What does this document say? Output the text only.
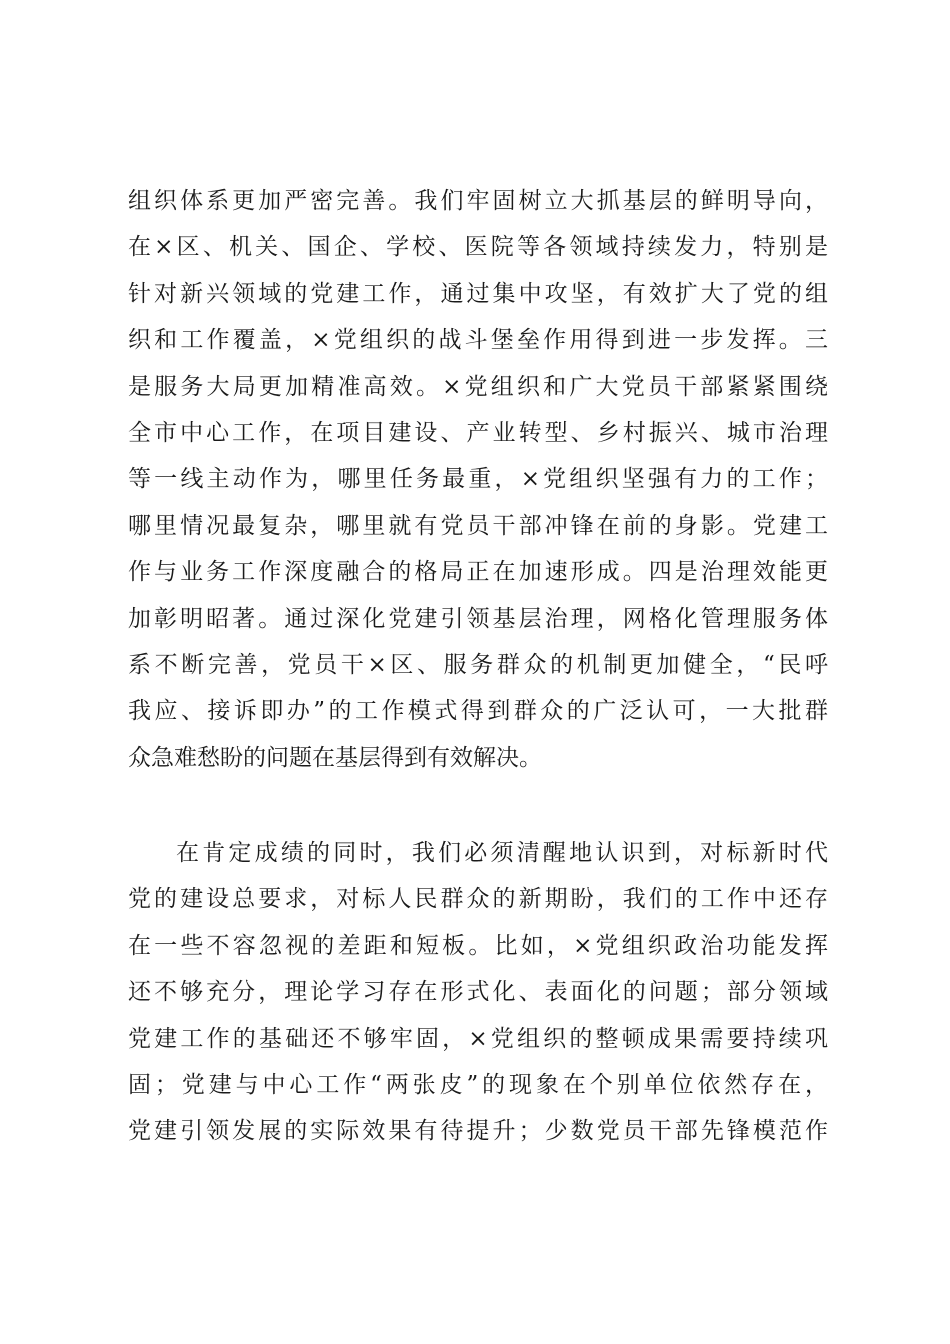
组织体系更加严密完善。我们牢固树立大抓基层的鲜明导向，
在×区、机关、国企、学校、医院等各领域持续发力，特别是
针对新兴领域的党建工作，通过集中攻坚，有效扩大了党的组
织和工作覆盖，×党组织的战斗堡垒作用得到进一步发挥。三
是服务大局更加精准高效。×党组织和广大党员干部紧紧围绕
全市中心工作，在项目建设、产业转型、乡村振兴、城市治理
等一线主动作为，哪里任务最重，×党组织坚强有力的工作；
哪里情况最复杂，哪里就有党员干部冲锋在前的身影。党建工
作与业务工作深度融合的格局正在加速形成。四是治理效能更
加彰明昭著。通过深化党建引领基层治理，网格化管理服务体
系不断完善，党员干×区、服务群众的机制更加健全，“民呼
我应、接诉即办”的工作模式得到群众的广泛认可，一大批群
众急难愁盼的问题在基层得到有效解决。
在肯定成绩的同时，我们必须清醒地认识到，对标新时代
党的建设总要求，对标人民群众的新期盼，我们的工作中还存
在一些不容忽视的差距和短板。比如，×党组织政治功能发挥
还不够充分，理论学习存在形式化、表面化的问题；部分领域
党建工作的基础还不够牢固，×党组织的整顿成果需要持续巩
固；党建与中心工作“两张皮”的现象在个别单位依然存在，
党建引领发展的实际效果有待提升；少数党员干部先锋模范作
